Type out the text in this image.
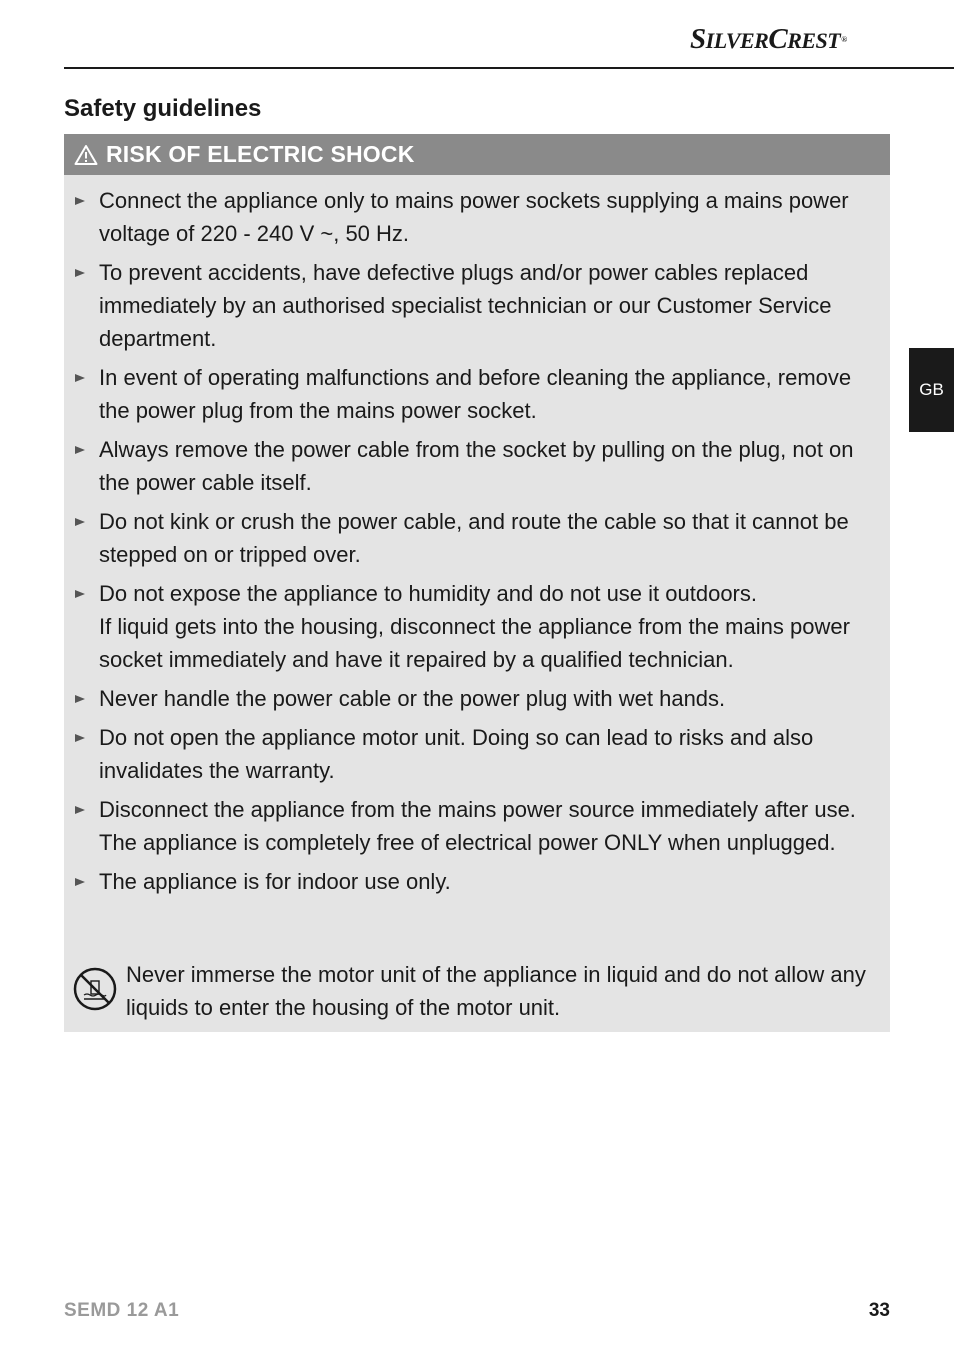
SILVERCREST®
Safety guidelines
GB
RISK OF ELECTRIC SHOCK
Connect the appliance only to mains power sockets supplying a mains power voltage of 220 - 240 V ~, 50 Hz.
To prevent accidents, have defective plugs and/or power cables replaced immediately by an authorised specialist technician or our Customer Service department.
In event of operating malfunctions and before cleaning the appliance, remove the power plug from the mains power socket.
Always remove the power cable from the socket by pulling on the plug, not on the power cable itself.
Do not kink or crush the power cable, and route the cable so that it cannot be stepped on or tripped over.
Do not expose the appliance to humidity and do not use it outdoors.
If liquid gets into the housing, disconnect the appliance from the mains power socket immediately and have it repaired by a qualified technician.
Never handle the power cable or the power plug with wet hands.
Do not open the appliance motor unit. Doing so can lead to risks and also invalidates the warranty.
Disconnect the appliance from the mains power source immediately after use. The appliance is completely free of electrical power ONLY when unplugged.
The appliance is for indoor use only.
Never immerse the motor unit of the appliance in liquid and do not allow any liquids to enter the housing of the motor unit.
SEMD 12 A1	33
